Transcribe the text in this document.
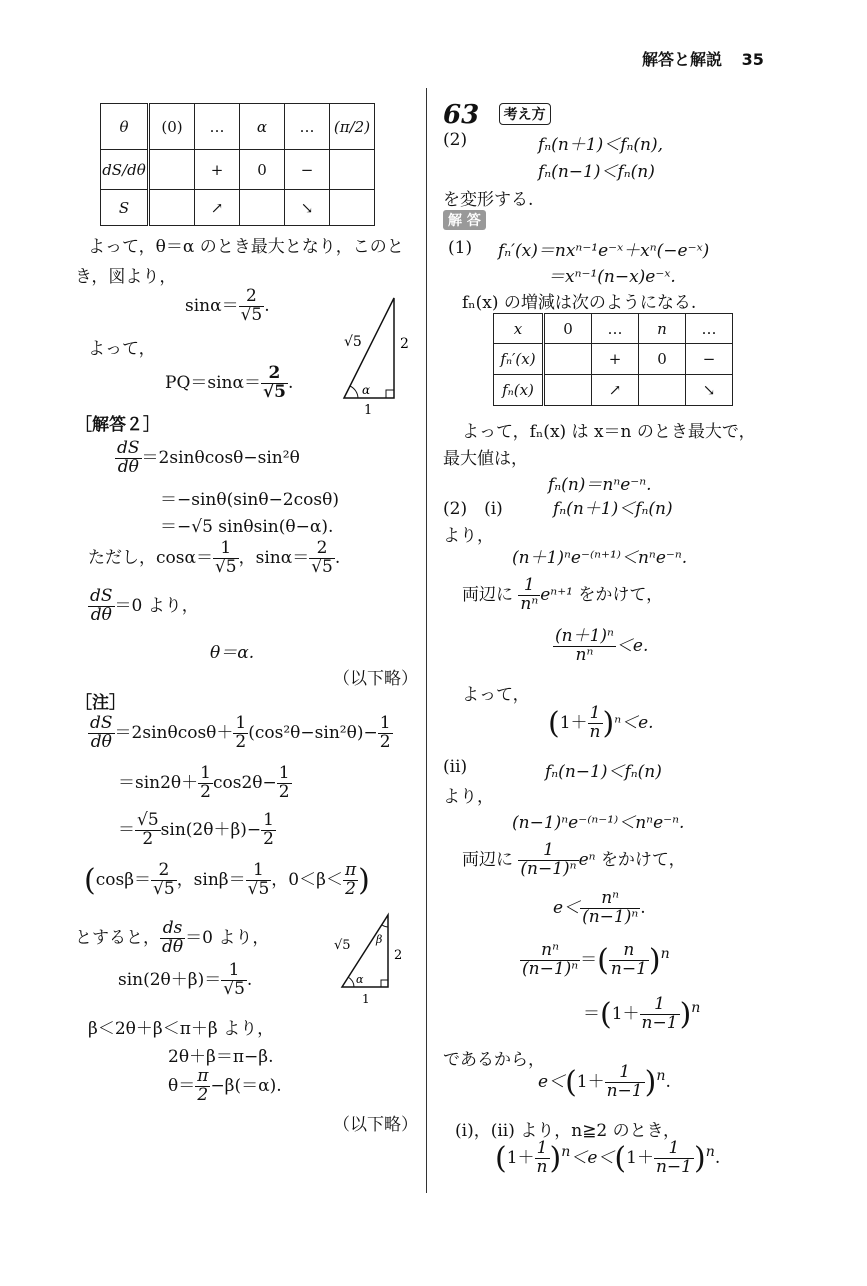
解答と解説 35
θ	(0)	…	α	…	(π/2)
dS/dθ		+	0	−	
S		↗		↘	
よって，θ＝α のとき最大となり，このと
き，図より，
$\sin\alpha= \frac{2}{√5}$ .
よって，
$PQ=\sin\alpha= \frac{2}{√5}$ .
√5	2
1
α
［解答２］
$\frac{dS}{d\theta} =2\sin\theta\cos\theta-\sin^2\theta$
＝−sinθ(sinθ−2cosθ)
＝−√5 sinθsin(θ−α).
ただし，$\cos\alpha= \frac{1}{√5}$ ，$\sin\alpha= \frac{2}{√5}$ .
$\frac{dS}{d\theta} =0$ より，
θ＝α.
（以下略）
［注］
$\frac{dS}{d\theta} =2\sin\theta\cos\theta+ \frac{1}{2} (\cos^2\theta-\sin^2\theta)- \frac{1}{2}$
$=\sin 2\theta+ \frac{1}{2} \cos 2\theta- \frac{1}{2}$
＝ $\frac{√5}{2} \sin(2\theta+\beta)- \frac{1}{2}$
($\cos\beta= \frac{2}{√5}$ ，$\sin\beta= \frac{1}{√5}$ ，$0<\beta< \frac{\pi}{2}$ )
とすると， $\frac{ds}{d\theta} =0$ より，
$\sin(2\theta+\beta)= \frac{1}{√5}$ .
β＜2θ＋β＜π＋β より，
2θ＋β＝π−β.
$\theta= \frac{\pi}{2} -\beta(=\alpha)$.
（以下略）
√5
2
1
α
β
63 考え方
(2)	fₙ(n＋1)＜fₙ(n),
fₙ(n−1)＜fₙ(n)
を変形する.
解 答
(1) fₙ′(x)＝nxⁿ⁻¹e⁻ˣ＋xⁿ(−e⁻ˣ)
＝xⁿ⁻¹(n−x)e⁻ˣ.
fₙ(x) の増減は次のようになる.
x	0	…	n	…
fₙ′(x)		+	0	−
fₙ(x)		↗		↘
よって，fₙ(x) は x＝n のとき最大で，
最大値は，
fₙ(n)＝nⁿe⁻ⁿ.
(2)　(i)	fₙ(n＋1)＜fₙ(n)
より，
(n＋1)ⁿe⁻⁽ⁿ⁺¹⁾＜nⁿe⁻ⁿ.
両辺に $\frac{1}{\text{nⁿ}} e^{n+1}$ をかけて，
$\frac{\text{(n＋1)ⁿ}}{\text{nⁿ}} <e$.
よって，
$(1+ \frac{1}{n} )^n<e$.
(ii)	fₙ(n−1)＜fₙ(n)
より，
(n−1)ⁿe⁻⁽ⁿ⁻¹⁾＜nⁿe⁻ⁿ.
両辺に $\frac{1}{\text{(n−1)ⁿ}}$ eⁿ をかけて，
$e< \frac{\text{nⁿ}}{\text{(n−1)ⁿ}}$ .
$\frac{\text{nⁿ}}{\text{(n−1)ⁿ}}$ ＝( $\frac{n}{n-1} )^n$
$=(1+ \frac{1}{n-1} )^n$
であるから，
$e<(1+ \frac{1}{n-1} )^n$.
(i)，(ii) より，n≧2 のとき，
$(1+ \frac{1}{n} )^n<e<(1+ \frac{1}{n-1} )^n$.
